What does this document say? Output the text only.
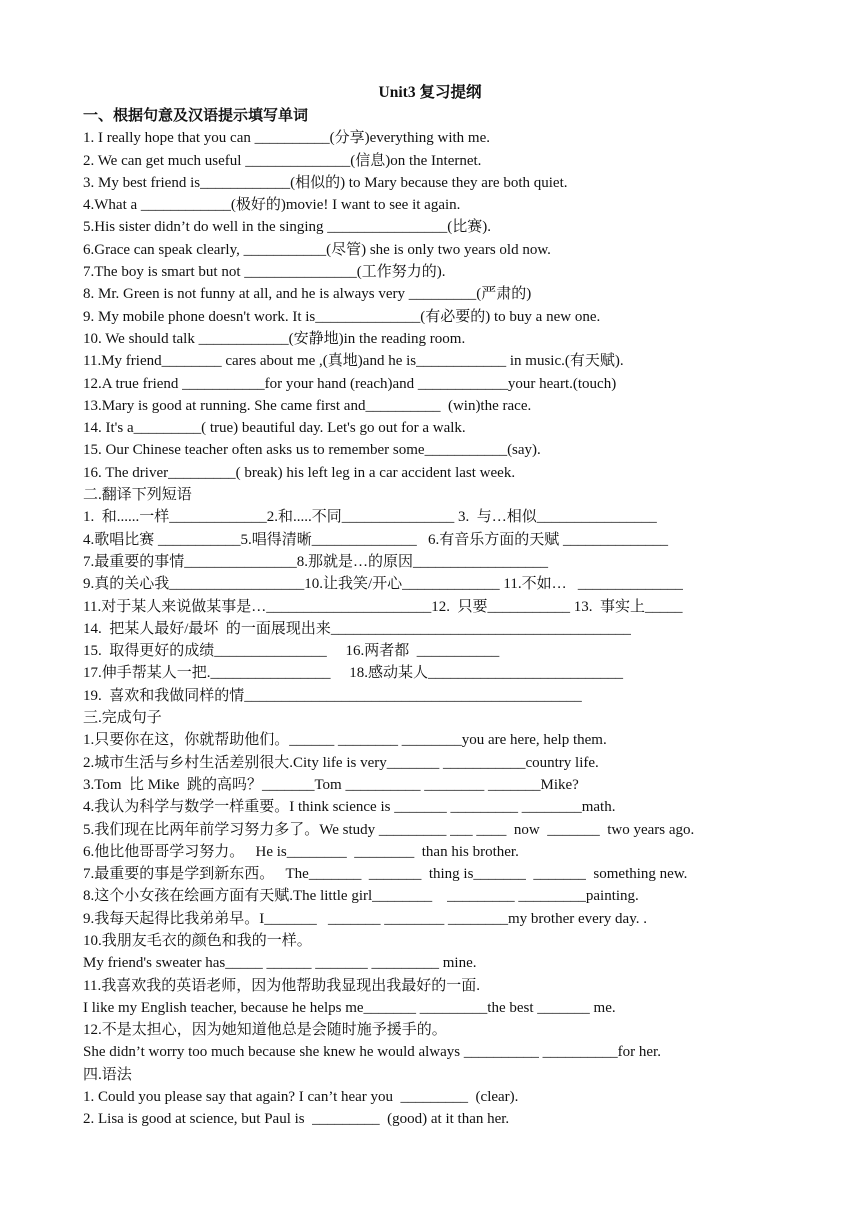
Unit3 复习提纲
一、根据句意及汉语提示填写单词
1. I really hope that you can __________(分享)everything with me.
2. We can get much useful ______________(信息)on the Internet.
3. My best friend is____________(相似的) to Mary because they are both quiet.
4.What a ____________(极好的)movie! I want to see it again.
5.His sister didn’t do well in the singing ________________(比赛).
6.Grace can speak clearly, ___________(尽管) she is only two years old now.
7.The boy is smart but not _______________(工作努力的).
8. Mr. Green is not funny at all, and he is always very _________(严肃的)
9. My mobile phone doesn't work. It is______________(有必要的) to buy a new one.
10. We should talk ____________(安静地)in the reading room.
11.My friend________ cares about me ,(真地)and he is____________ in music.(有天赋).
12.A true friend ___________for your hand (reach)and ____________your heart.(touch)
13.Mary is good at running. She came first and__________  (win)the race.
14. It's a_________( true) beautiful day. Let's go out for a walk.
15. Our Chinese teacher often asks us to remember some___________(say).
16. The driver_________( break) his left leg in a car accident last week.
二.翻译下列短语
1.  和......一样_____________2.和.....不同_______________ 3.  与…相似________________
4.歌唱比赛 ___________5.唱得清晰______________   6.有音乐方面的天赋 ______________
7.最重要的事情_______________8.那就是…的原因__________________
9.真的关心我__________________10.让我笑/开心_____________ 11.不如…   ______________
11.对于某人来说做某事是…______________________12.  只要___________ 13.  事实上_____
14.  把某人最好/最坏  的一面展现出来________________________________________
15.  取得更好的成绩_______________     16.两者都  ___________
17.伸手帮某人一把.________________     18.感动某人__________________________
19.  喜欢和我做同样的情_____________________________________________
三.完成句子
1.只要你在这，你就帮助他们。______ ________ ________you are here, help them.
2.城市生活与乡村生活差别很大.City life is very_______ ___________country life.
3.Tom  比 Mike  跳的高吗？_______Tom __________ ________ _______Mike?
4.我认为科学与数学一样重要。I think science is _______ _________ ________math.
5.我们现在比两年前学习努力多了。We study _________ ___ ____  now  _______  two years ago.
6.他比他哥哥学习努力。   He is________  ________  than his brother.
7.最重要的事是学到新东西。   The_______  _______  thing is_______  _______  something new.
8.这个小女孩在绘画方面有天赋.The little girl________    _________ _________painting.
9.我每天起得比我弟弟早。I_______   _______ ________ ________my brother every day. .
10.我朋友毛衣的颜色和我的一样。
My friend's sweater has_____ ______ _______ _________ mine.
11.我喜欢我的英语老师，因为他帮助我显现出我最好的一面.
I like my English teacher, because he helps me_______ _________the best _______ me.
12.不是太担心，因为她知道他总是会随时施予援手的。
She didn’t worry too much because she knew he would always __________ __________for her.
四.语法
1. Could you please say that again? I can’t hear you  _________  (clear).
2. Lisa is good at science, but Paul is  _________  (good) at it than her.
